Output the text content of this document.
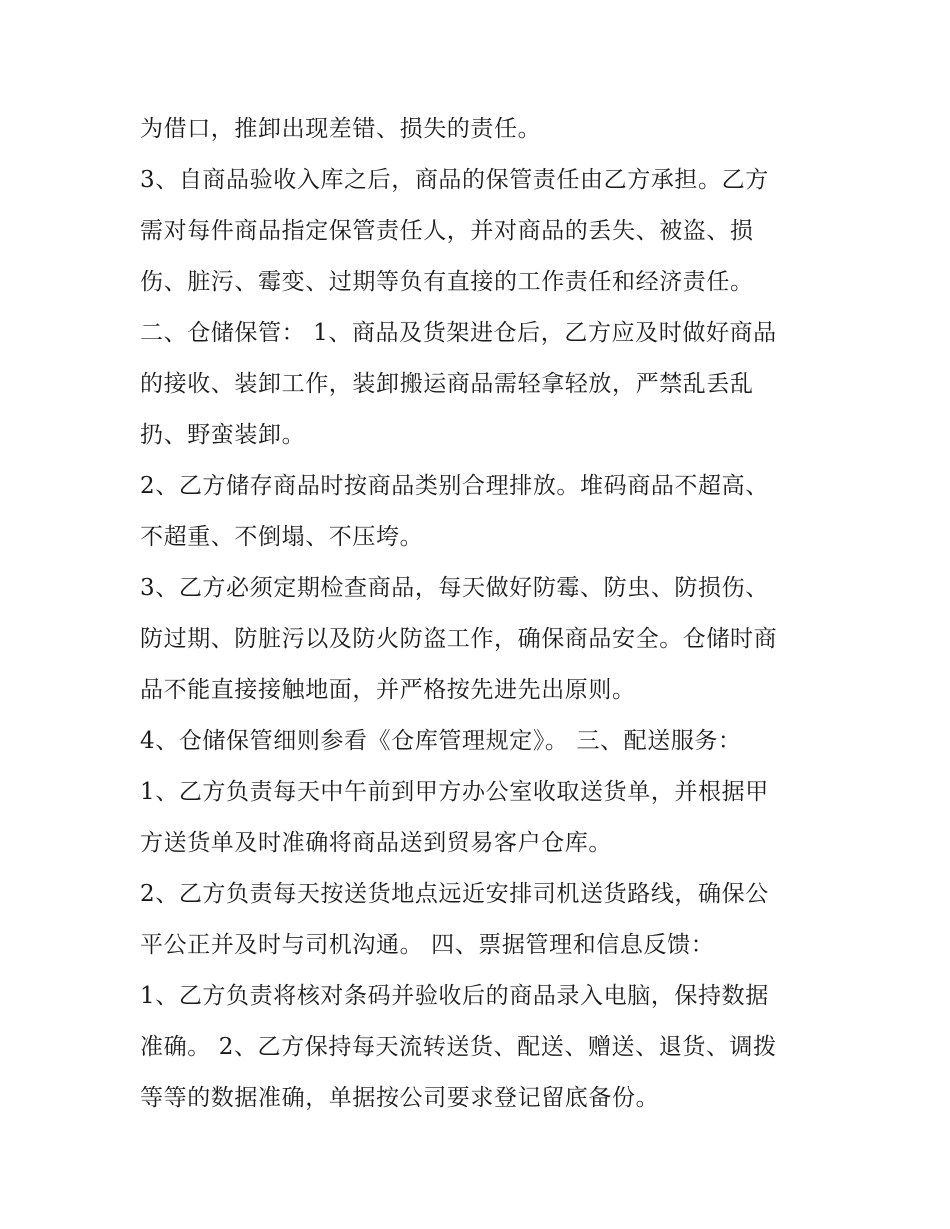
为借口，推卸出现差错、损失的责任。
3、自商品验收入库之后，商品的保管责任由乙方承担。乙方
需对每件商品指定保管责任人，并对商品的丢失、被盗、损
伤、脏污、霉变、过期等负有直接的工作责任和经济责任。
二、仓储保管： 1、商品及货架进仓后，乙方应及时做好商品
的接收、装卸工作，装卸搬运商品需轻拿轻放，严禁乱丢乱
扔、野蛮装卸。
2、乙方储存商品时按商品类别合理排放。堆码商品不超高、
不超重、不倒塌、不压垮。
3、乙方必须定期检查商品，每天做好防霉、防虫、防损伤、
防过期、防脏污以及防火防盗工作，确保商品安全。仓储时商
品不能直接接触地面，并严格按先进先出原则。
4、仓储保管细则参看《仓库管理规定》。 三、配送服务：
1、乙方负责每天中午前到甲方办公室收取送货单，并根据甲
方送货单及时准确将商品送到贸易客户仓库。
2、乙方负责每天按送货地点远近安排司机送货路线，确保公
平公正并及时与司机沟通。 四、票据管理和信息反馈：
1、乙方负责将核对条码并验收后的商品录入电脑，保持数据
准确。 2、乙方保持每天流转送货、配送、赠送、退货、调拨
等等的数据准确，单据按公司要求登记留底备份。
